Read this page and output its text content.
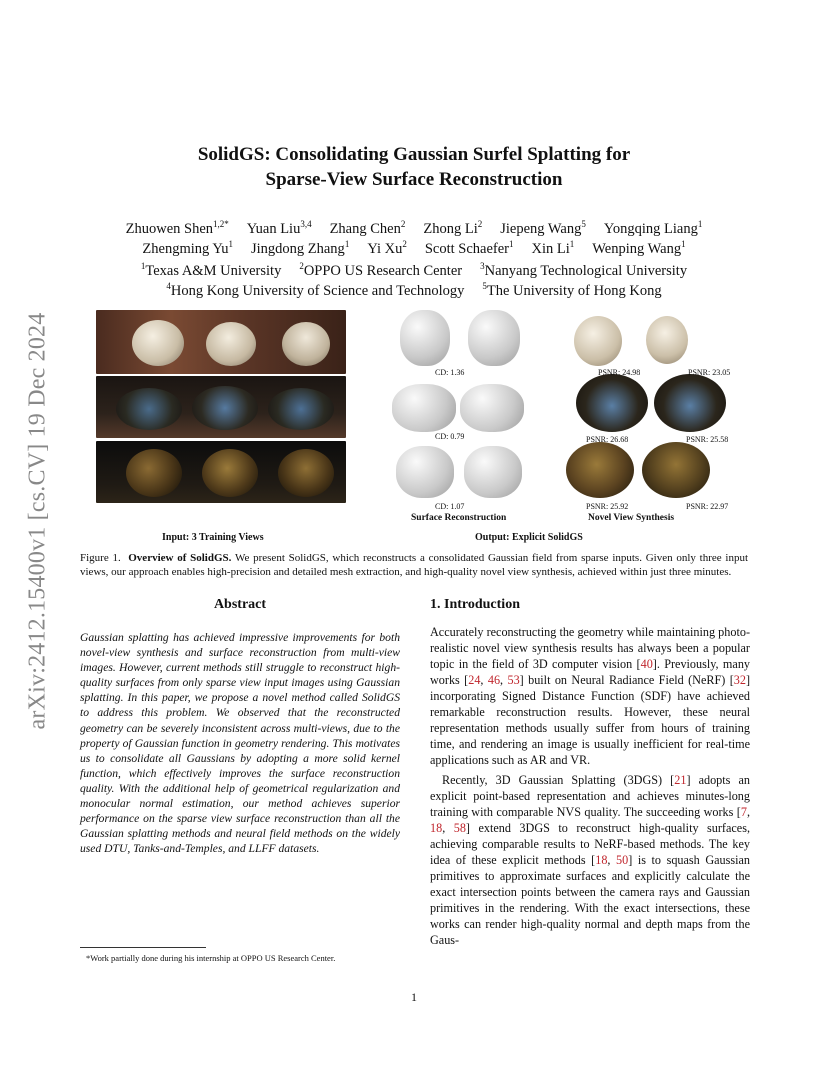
arXiv:2412.15400v1 [cs.CV] 19 Dec 2024
SolidGS: Consolidating Gaussian Surfel Splatting for
Sparse-View Surface Reconstruction
Zhuowen Shen$^{1,2*}$ Yuan Liu$^{3,4}$ Zhang Chen$^2$ Zhong Li$^2$ Jiepeng Wang$^5$ Yongqing Liang$^1$
Zhengming Yu$^1$ Jingdong Zhang$^1$ Yi Xu$^2$ Scott Schaefer$^1$ Xin Li$^1$ Wenping Wang$^1$
$^1$Texas A&M University $^2$OPPO US Research Center $^3$Nanyang Technological University
$^4$Hong Kong University of Science and Technology $^5$The University of Hong Kong
CD: 1.36
CD: 0.79
CD: 1.07
PSNR: 24.98	PSNR: 23.05
PSNR: 26.68	PSNR: 25.58
PSNR: 25.92	PSNR: 22.97
Surface Reconstruction	Novel View Synthesis
Input: 3 Training Views	Output: Explicit SolidGS
Figure 1. Overview of SolidGS. We present SolidGS, which reconstructs a consolidated Gaussian field from sparse inputs. Given only three input views, our approach enables high-precision and detailed mesh extraction, and high-quality novel view synthesis, achieved within just three minutes.
Abstract
Gaussian splatting has achieved impressive improvements for both novel-view synthesis and surface reconstruction from multi-view images. However, current methods still struggle to reconstruct high-quality surfaces from only sparse view input images using Gaussian splatting. In this paper, we propose a novel method called SolidGS to address this problem. We observed that the reconstructed geometry can be severely inconsistent across multi-views, due to the property of Gaussian function in geometry rendering. This motivates us to consolidate all Gaussians by adopting a more solid kernel function, which effectively improves the surface reconstruction quality. With the additional help of geometrical regularization and monocular normal estimation, our method achieves superior performance on the sparse view surface reconstruction than all the Gaussian splatting methods and neural field methods on the widely used DTU, Tanks-and-Temples, and LLFF datasets.
1. Introduction

Accurately reconstructing the geometry while maintaining photo-realistic novel view synthesis results has always been a popular topic in the field of 3D computer vision [40]. Previously, many works [24, 46, 53] built on Neural Radiance Field (NeRF) [32] incorporating Signed Distance Function (SDF) have achieved remarkable reconstruction results. However, these neural representation methods usually suffer from hours of training time, and rendering an image is usually inefficient for real-time applications such as AR and VR.

Recently, 3D Gaussian Splatting (3DGS) [21] adopts an explicit point-based representation and achieves minutes-long training with comparable NVS quality. The succeeding works [7, 18, 58] extend 3DGS to reconstruct high-quality surfaces, achieving comparable results to NeRF-based methods. The key idea of these explicit methods [18, 50] is to squash Gaussian primitives to approximate surfaces and explicitly calculate the exact intersection points between the camera rays and Gaussian primitives in the rendering. With the exact intersections, these works can render high-quality normal and depth maps from the Gaus-

*Work partially done during his internship at OPPO US Research Center.
1
